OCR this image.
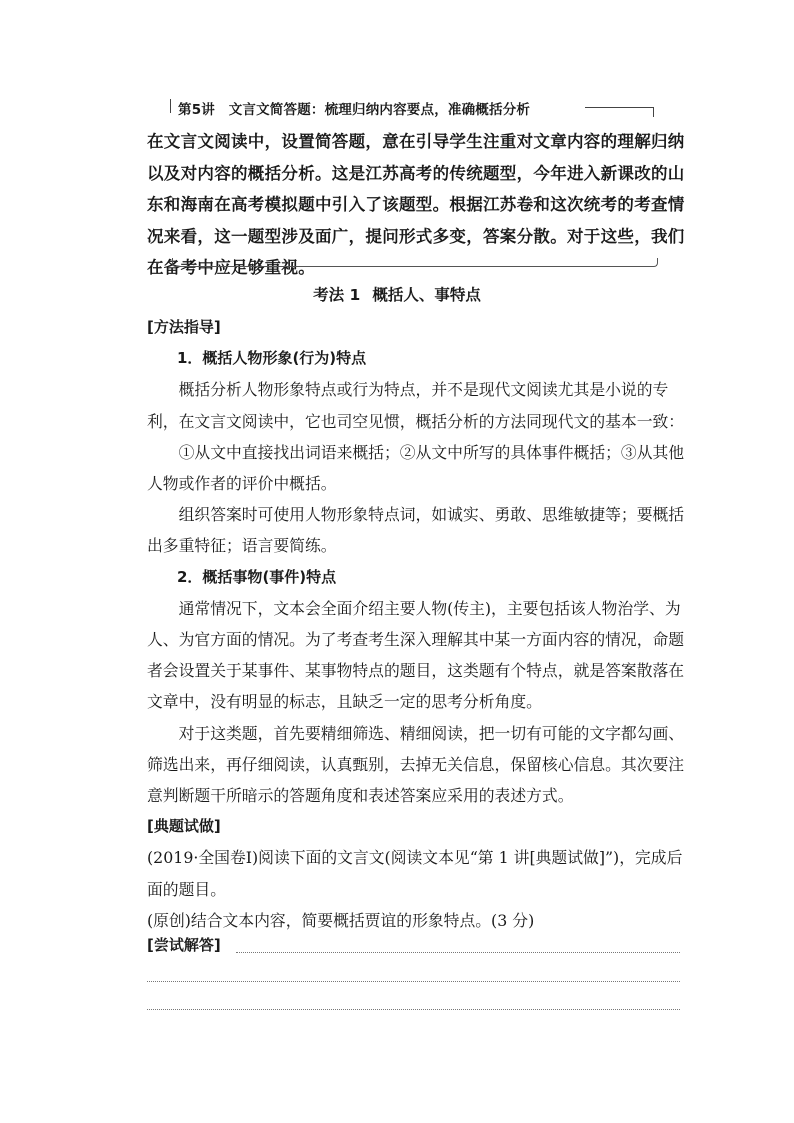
第5讲　文言文简答题：梳理归纳内容要点，准确概括分析
在文言文阅读中，设置简答题，意在引导学生注重对文章内容的理解归纳以及对内容的概括分析。这是江苏高考的传统题型，今年进入新课改的山东和海南在高考模拟题中引入了该题型。根据江苏卷和这次统考的考查情况来看，这一题型涉及面广，提问形式多变，答案分散。对于这些，我们在备考中应足够重视。
考法 1 概括人、事特点

[方法指导]

1．概括人物形象(行为)特点

概括分析人物形象特点或行为特点，并不是现代文阅读尤其是小说的专利，在文言文阅读中，它也司空见惯，概括分析的方法同现代文的基本一致：

①从文中直接找出词语来概括；②从文中所写的具体事件概括；③从其他人物或作者的评价中概括。

组织答案时可使用人物形象特点词，如诚实、勇敢、思维敏捷等；要概括出多重特征；语言要简练。

2．概括事物(事件)特点

通常情况下，文本会全面介绍主要人物(传主)，主要包括该人物治学、为人、为官方面的情况。为了考查考生深入理解其中某一方面内容的情况，命题者会设置关于某事件、某事物特点的题目，这类题有个特点，就是答案散落在文章中，没有明显的标志，且缺乏一定的思考分析角度。

对于这类题，首先要精细筛选、精细阅读，把一切有可能的文字都勾画、筛选出来，再仔细阅读，认真甄别，去掉无关信息，保留核心信息。其次要注意判断题干所暗示的答题角度和表述答案应采用的表述方式。

[典题试做]

(2019·全国卷Ⅰ)阅读下面的文言文(阅读文本见“第 1 讲[典题试做]”)，完成后面的题目。

(原创)结合文本内容，简要概括贾谊的形象特点。(3 分)

[尝试解答]
